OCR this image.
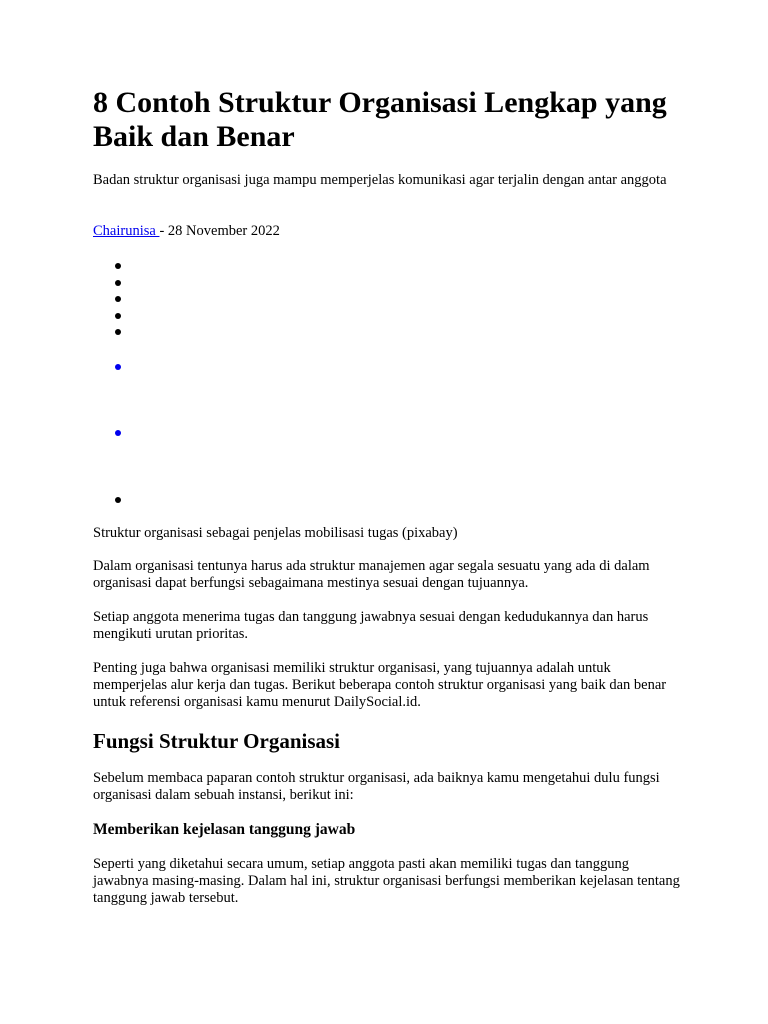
8 Contoh Struktur Organisasi Lengkap yang Baik dan Benar

Badan struktur organisasi juga mampu memperjelas komunikasi agar terjalin dengan antar anggota

Chairunisa - 28 November 2022

Struktur organisasi sebagai penjelas mobilisasi tugas (pixabay)

Dalam organisasi tentunya harus ada struktur manajemen agar segala sesuatu yang ada di dalam organisasi dapat berfungsi sebagaimana mestinya sesuai dengan tujuannya.

Setiap anggota menerima tugas dan tanggung jawabnya sesuai dengan kedudukannya dan harus mengikuti urutan prioritas.

Penting juga bahwa organisasi memiliki struktur organisasi, yang tujuannya adalah untuk memperjelas alur kerja dan tugas. Berikut beberapa contoh struktur organisasi yang baik dan benar untuk referensi organisasi kamu menurut DailySocial.id.

Fungsi Struktur Organisasi

Sebelum membaca paparan contoh struktur organisasi, ada baiknya kamu mengetahui dulu fungsi organisasi dalam sebuah instansi, berikut ini:

Memberikan kejelasan tanggung jawab

Seperti yang diketahui secara umum, setiap anggota pasti akan memiliki tugas dan tanggung jawabnya masing-masing. Dalam hal ini, struktur organisasi berfungsi memberikan kejelasan tentang tanggung jawab tersebut.
